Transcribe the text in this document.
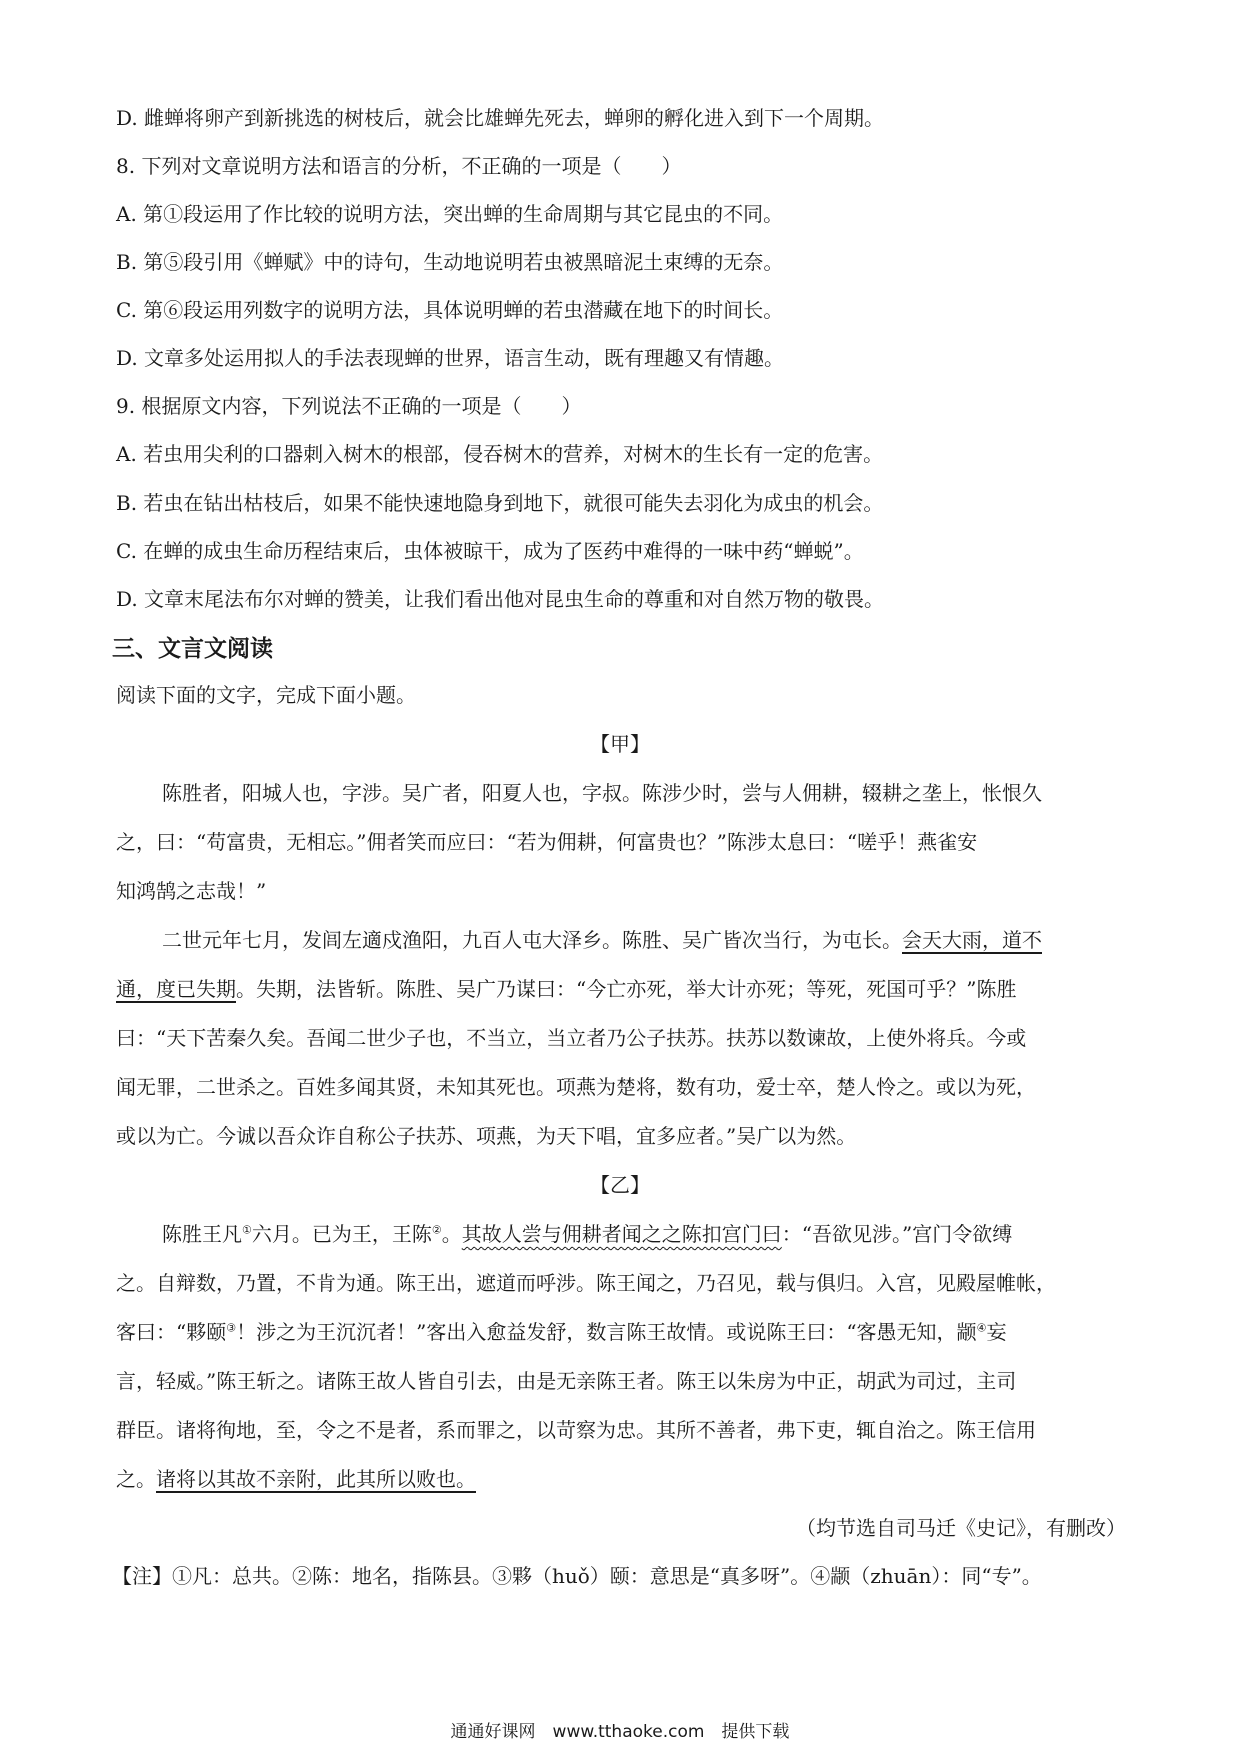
D. 雌蝉将卵产到新挑选的树枝后，就会比雄蝉先死去，蝉卵的孵化进入到下一个周期。
8. 下列对文章说明方法和语言的分析，不正确的一项是（　　）
A. 第①段运用了作比较的说明方法，突出蝉的生命周期与其它昆虫的不同。
B. 第⑤段引用《蝉赋》中的诗句，生动地说明若虫被黑暗泥土束缚的无奈。
C. 第⑥段运用列数字的说明方法，具体说明蝉的若虫潜藏在地下的时间长。
D. 文章多处运用拟人的手法表现蝉的世界，语言生动，既有理趣又有情趣。
9. 根据原文内容，下列说法不正确的一项是（　　）
A. 若虫用尖利的口器刺入树木的根部，侵吞树木的营养，对树木的生长有一定的危害。
B. 若虫在钻出枯枝后，如果不能快速地隐身到地下，就很可能失去羽化为成虫的机会。
C. 在蝉的成虫生命历程结束后，虫体被晾干，成为了医药中难得的一味中药“蝉蜕”。
D. 文章末尾法布尔对蝉的赞美，让我们看出他对昆虫生命的尊重和对自然万物的敬畏。
三、文言文阅读
阅读下面的文字，完成下面小题。
【甲】
陈胜者，阳城人也，字涉。吴广者，阳夏人也，字叔。陈涉少时，尝与人佣耕，辍耕之垄上，怅恨久
之，曰：“苟富贵，无相忘。”佣者笑而应曰：“若为佣耕，何富贵也？”陈涉太息曰：“嗟乎！燕雀安
知鸿鹄之志哉！”
二世元年七月，发闾左適戍渔阳，九百人屯大泽乡。陈胜、吴广皆次当行，为屯长。会天大雨，道不
通，度已失期。失期，法皆斩。陈胜、吴广乃谋曰：“今亡亦死，举大计亦死；等死，死国可乎？”陈胜
曰：“天下苦秦久矣。吾闻二世少子也，不当立，当立者乃公子扶苏。扶苏以数谏故，上使外将兵。今或
闻无罪，二世杀之。百姓多闻其贤，未知其死也。项燕为楚将，数有功，爱士卒，楚人怜之。或以为死，
或以为亡。今诚以吾众诈自称公子扶苏、项燕，为天下唱，宜多应者。”吴广以为然。
【乙】
陈胜王凡①六月。已为王，王陈②。其故人尝与佣耕者闻之之陈扣宫门曰：“吾欲见涉。”宫门令欲缚
之。自辩数，乃置，不肯为通。陈王出，遮道而呼涉。陈王闻之，乃召见，载与俱归。入宫，见殿屋帷帐，
客曰：“夥颐③！涉之为王沉沉者！”客出入愈益发舒，数言陈王故情。或说陈王曰：“客愚无知，颛④妄
言，轻威。”陈王斩之。诸陈王故人皆自引去，由是无亲陈王者。陈王以朱房为中正，胡武为司过，主司
群臣。诸将徇地，至，令之不是者，系而罪之，以苛察为忠。其所不善者，弗下吏，辄自治之。陈王信用
之。诸将以其故不亲附，此其所以败也。
（均节选自司马迁《史记》，有删改）
【注】①凡：总共。②陈：地名，指陈县。③夥（huǒ）颐：意思是“真多呀”。④颛（zhuān）：同“专”。
通通好课网　www.tthaoke.com　提供下载
